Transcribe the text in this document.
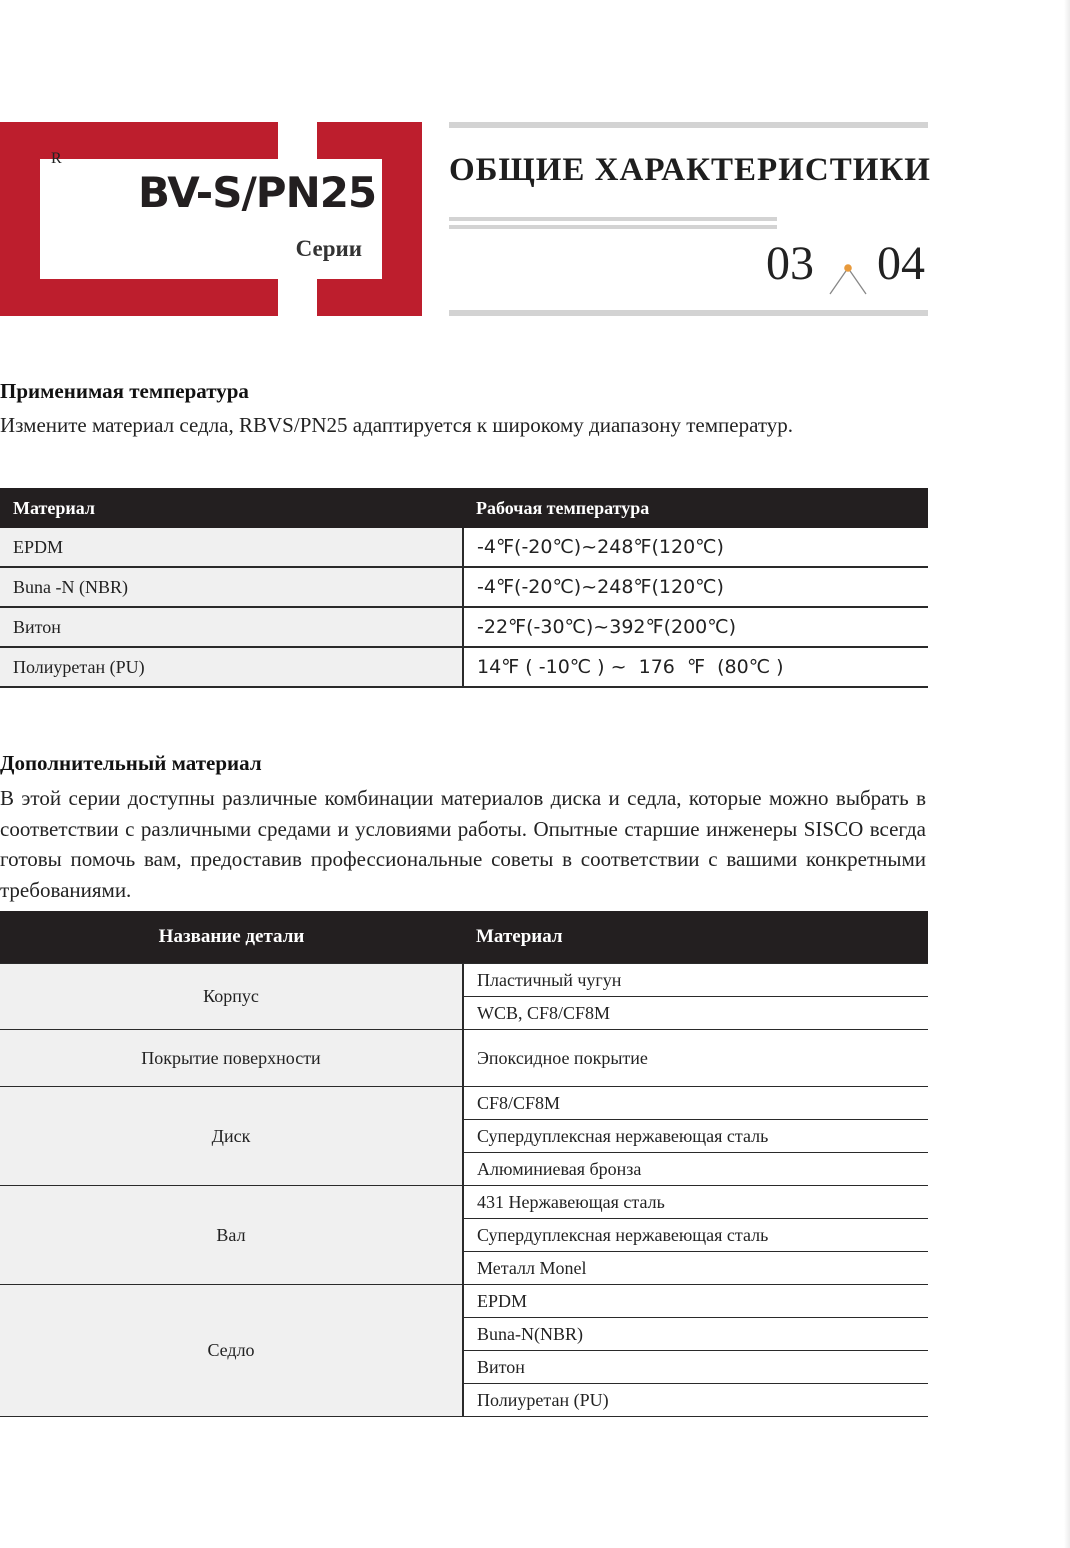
R
BV-S/PN25
Серии
ОБЩИЕ ХАРАКТЕРИСТИКИ
03 04
Применимая температура
Измените материал седла, RBVS/PN25 адаптируется к широкому диапазону температур.
Материал	Рабочая температура
EPDM	-4℉(-20℃)~248℉(120℃)
Buna -N (NBR)	-4℉(-20℃)~248℉(120℃)
Витон	-22℉(-30℃)~392℉(200℃)
Полиуретан (PU)	14℉ ( -10℃ ) ~  176  ℉  (80℃ )
Дополнительный материал
В этой серии доступны различные комбинации материалов диска и седла, которые можно выбрать в соответствии с различными средами и условиями работы. Опытные старшие инженеры SISCO всегда готовы помочь вам, предоставив профессиональные советы в соответствии с вашими конкретными требованиями.
Название детали	Материал
Корпус	Пластичный чугун
	WCB, CF8/CF8M
Покрытие поверхности	Эпоксидное покрытие
Диск	CF8/CF8M
	Супердуплексная нержавеющая сталь
	Алюминиевая бронза
Вал	431 Нержавеющая сталь
	Супердуплексная нержавеющая сталь
	Металл Monel
Седло	EPDM
	Buna-N(NBR)
	Витон
	Полиуретан (PU)
